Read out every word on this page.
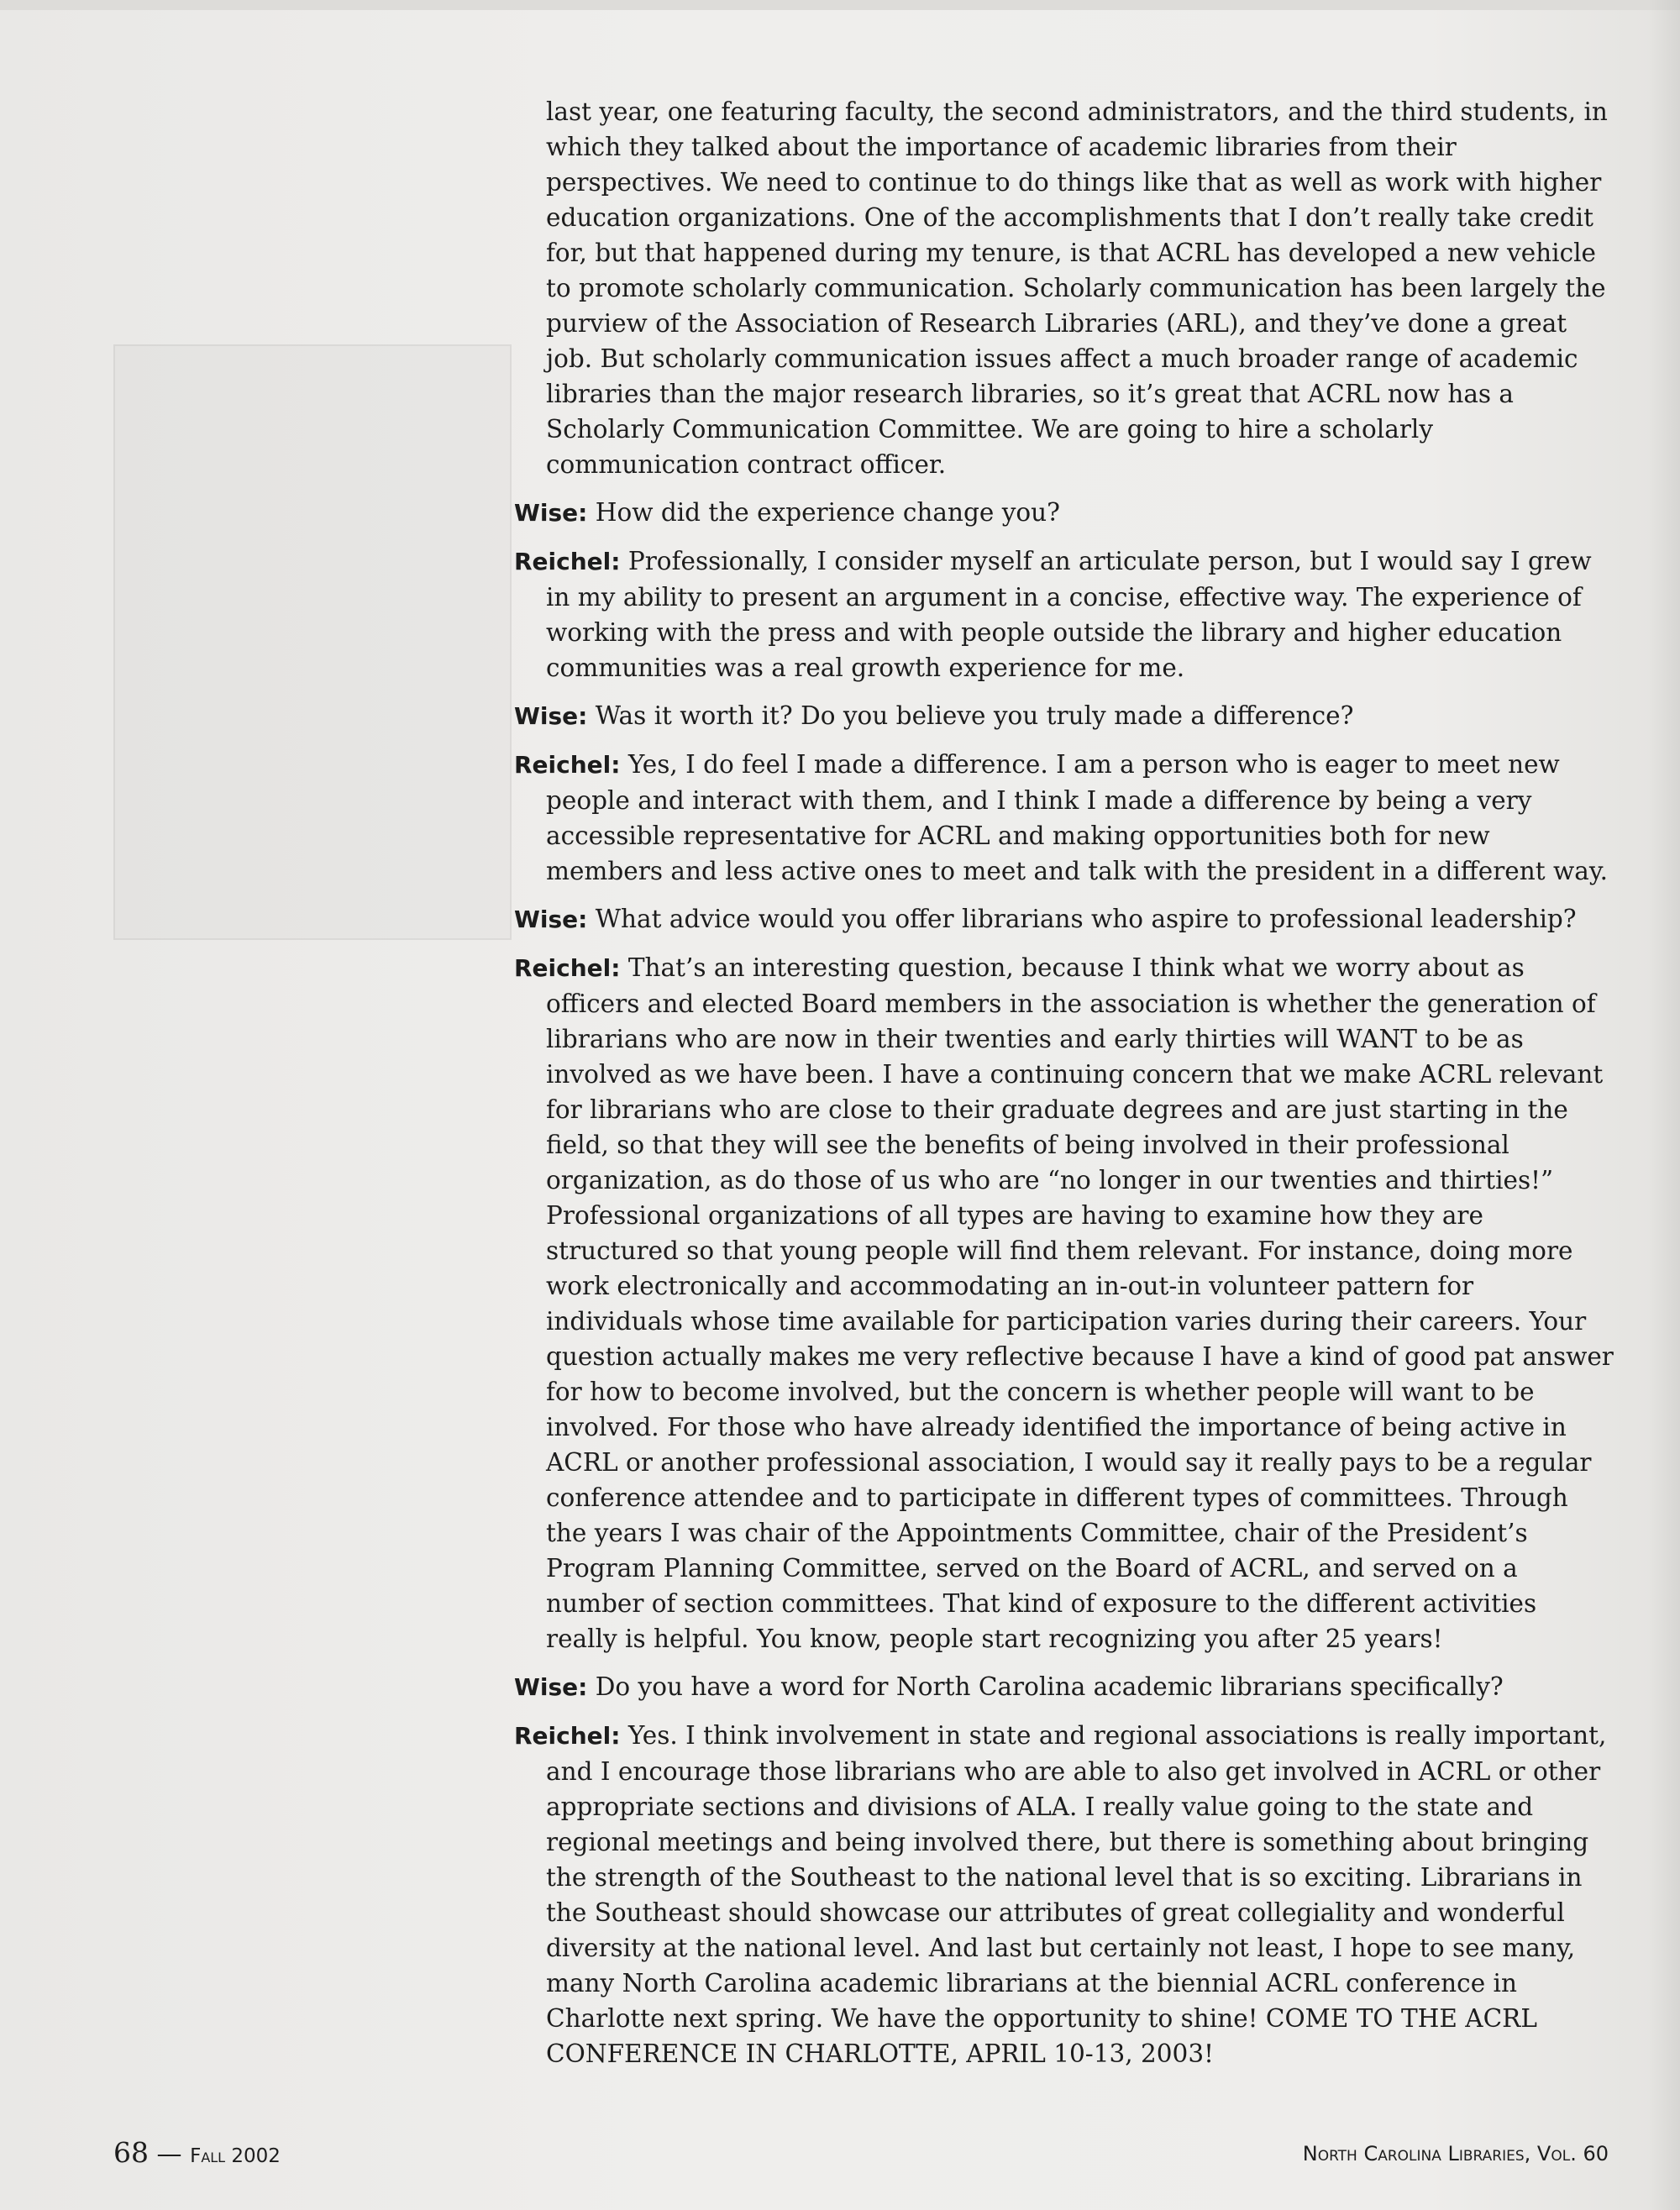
last year, one featuring faculty, the second administrators, and the third students, in which they talked about the importance of academic libraries from their perspectives. We need to continue to do things like that as well as work with higher education organizations. One of the accomplishments that I don’t really take credit for, but that happened during my tenure, is that ACRL has developed a new vehicle to promote scholarly communication. Scholarly communication has been largely the purview of the Association of Research Libraries (ARL), and they’ve done a great job. But scholarly communication issues affect a much broader range of academic libraries than the major research libraries, so it’s great that ACRL now has a Scholarly Communication Committee. We are going to hire a scholarly communication contract officer.

Wise: How did the experience change you?

Reichel: Professionally, I consider myself an articulate person, but I would say I grew in my ability to present an argument in a concise, effective way. The experience of working with the press and with people outside the library and higher education communities was a real growth experience for me.

Wise: Was it worth it? Do you believe you truly made a difference?

Reichel: Yes, I do feel I made a difference. I am a person who is eager to meet new people and interact with them, and I think I made a difference by being a very accessible representative for ACRL and making opportunities both for new members and less active ones to meet and talk with the president in a different way.

Wise: What advice would you offer librarians who aspire to professional leadership?

Reichel: That’s an interesting question, because I think what we worry about as officers and elected Board members in the association is whether the generation of librarians who are now in their twenties and early thirties will WANT to be as involved as we have been. I have a continuing concern that we make ACRL relevant for librarians who are close to their graduate degrees and are just starting in the field, so that they will see the benefits of being involved in their professional organization, as do those of us who are “no longer in our twenties and thirties!” Professional organizations of all types are having to examine how they are structured so that young people will find them relevant. For instance, doing more work electronically and accommodating an in-out-in volunteer pattern for individuals whose time available for participation varies during their careers. Your question actually makes me very reflective because I have a kind of good pat answer for how to become involved, but the concern is whether people will want to be involved. For those who have already identified the importance of being active in ACRL or another professional association, I would say it really pays to be a regular conference attendee and to participate in different types of committees. Through the years I was chair of the Appointments Committee, chair of the President’s Program Planning Committee, served on the Board of ACRL, and served on a number of section committees. That kind of exposure to the different activities really is helpful. You know, people start recognizing you after 25 years!

Wise: Do you have a word for North Carolina academic librarians specifically?

Reichel: Yes. I think involvement in state and regional associations is really important, and I encourage those librarians who are able to also get involved in ACRL or other appropriate sections and divisions of ALA. I really value going to the state and regional meetings and being involved there, but there is something about bringing the strength of the Southeast to the national level that is so exciting. Librarians in the Southeast should showcase our attributes of great collegiality and wonderful diversity at the national level. And last but certainly not least, I hope to see many, many North Carolina academic librarians at the biennial ACRL conference in Charlotte next spring. We have the opportunity to shine! COME TO THE ACRL CONFERENCE IN CHARLOTTE, APRIL 10-13, 2003!

68 — Fall 2002	North Carolina Libraries, Vol. 60
